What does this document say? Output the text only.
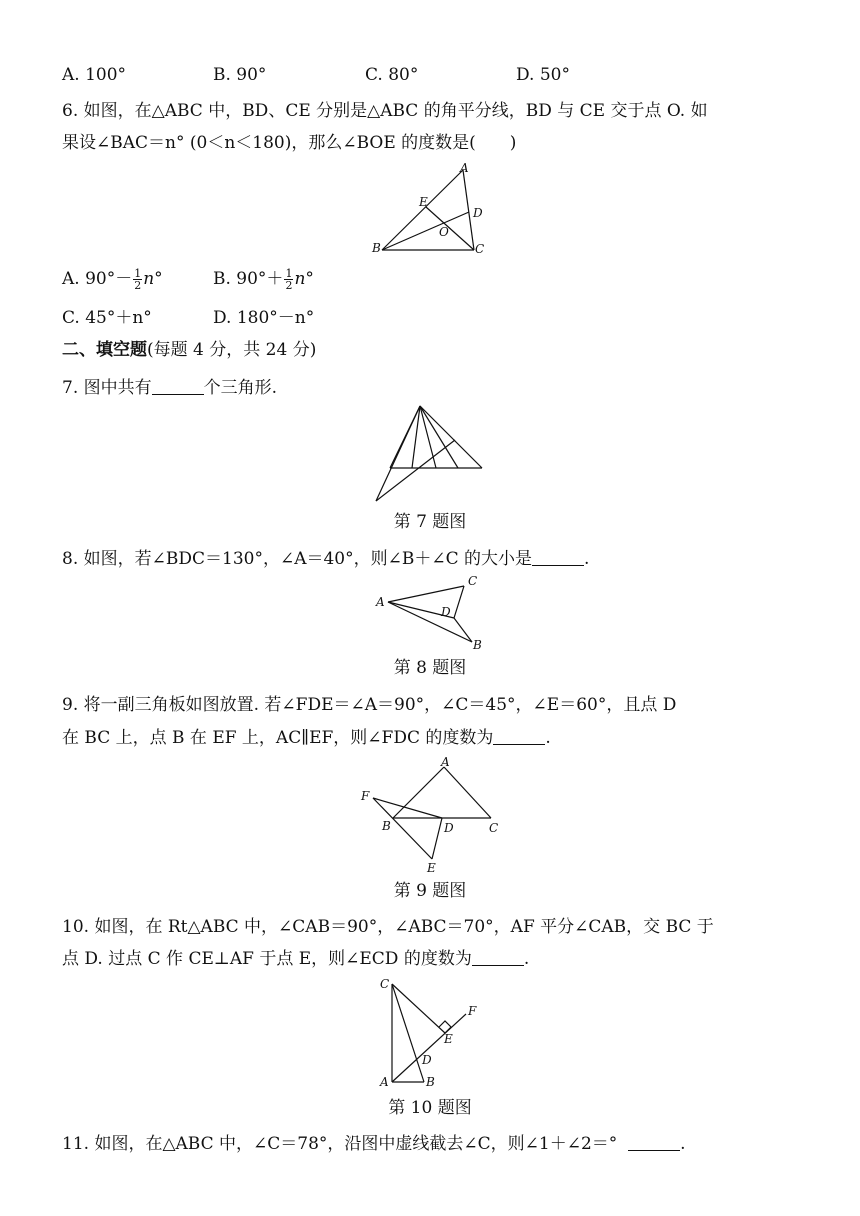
A. 100°	B. 90°	C. 80°	D. 50°
6. 如图，在△ABC 中，BD、CE 分别是△ABC 的角平分线，BD 与 CE 交于点 O. 如
果设∠BAC＝n° (0＜n＜180)，那么∠BOE 的度数是(　　)
A
B	C
D
E
O
A. $90^\circ- \frac{1}{2} n^\circ$	B. $90^\circ+ \frac{1}{2} n^\circ$
C. 45°＋n°	D. 180°－n°
二、填空题(每题 4 分，共 24 分)
7. 图中共有	个三角形.
第 7 题图
8. 如图，若∠BDC＝130°，∠A＝40°，则∠B＋∠C 的大小是	.
A
C
D
B
第 8 题图
9. 将一副三角板如图放置. 若∠FDE＝∠A＝90°，∠C＝45°，∠E＝60°，且点 D
在 BC 上，点 B 在 EF 上，AC∥EF，则∠FDC 的度数为	.
A
F
B	D	C
E
第 9 题图
10. 如图，在 Rt△ABC 中，∠CAB＝90°，∠ABC＝70°，AF 平分∠CAB，交 BC 于
点 D. 过点 C 作 CE⊥AF 于点 E，则∠ECD 的度数为	.
C
F
E
D
A	B
第 10 题图
11. 如图，在△ABC 中，∠C＝78°，沿图中虚线截去∠C，则∠1＋∠2＝°	.
